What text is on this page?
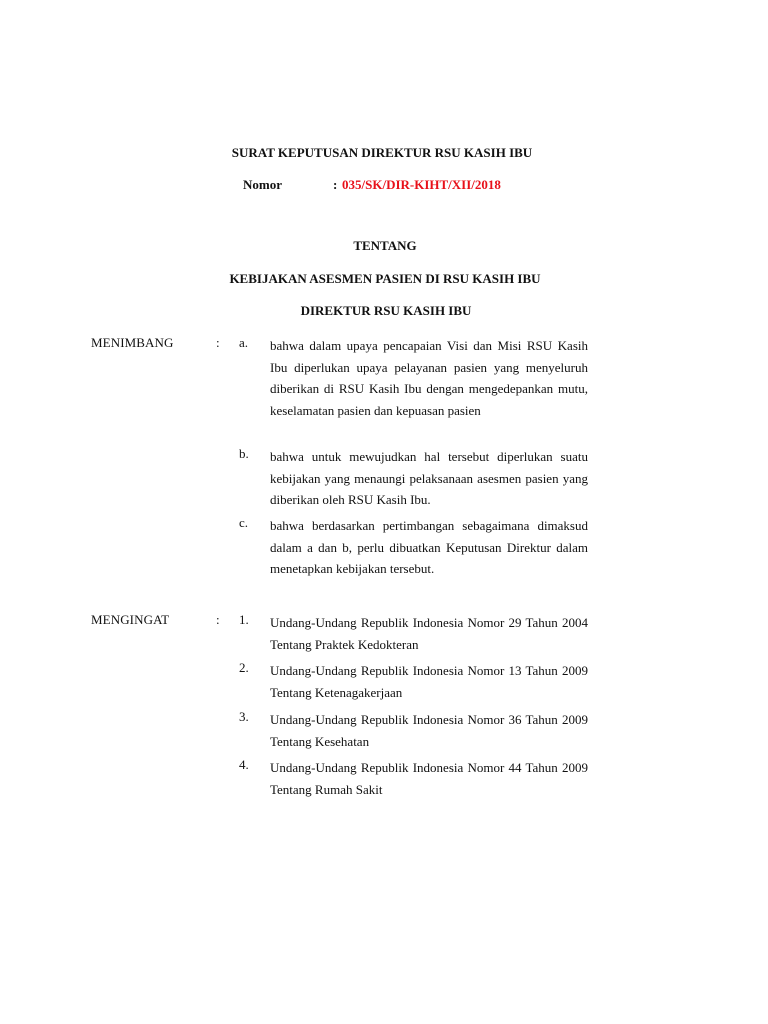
SURAT KEPUTUSAN DIREKTUR RSU KASIH IBU
Nomor	: 035/SK/DIR-KIHT/XII/2018
TENTANG
KEBIJAKAN ASESMEN PASIEN DI RSU KASIH IBU
DIREKTUR RSU KASIH IBU
MENIMBANG	: a. bahwa dalam upaya pencapaian Visi dan Misi RSU Kasih Ibu diperlukan upaya pelayanan pasien yang menyeluruh diberikan di RSU Kasih Ibu dengan mengedepankan mutu, keselamatan pasien dan kepuasan pasien
b. bahwa untuk mewujudkan hal tersebut diperlukan suatu kebijakan yang menaungi pelaksanaan asesmen pasien yang diberikan oleh RSU Kasih Ibu.
c. bahwa berdasarkan pertimbangan sebagaimana dimaksud dalam a dan b, perlu dibuatkan Keputusan Direktur dalam menetapkan kebijakan tersebut.
MENGINGAT	: 1. Undang-Undang Republik Indonesia Nomor 29 Tahun 2004 Tentang Praktek Kedokteran
2. Undang-Undang Republik Indonesia Nomor 13 Tahun 2009 Tentang Ketenagakerjaan
3. Undang-Undang Republik Indonesia Nomor 36 Tahun 2009 Tentang Kesehatan
4. Undang-Undang Republik Indonesia Nomor 44 Tahun 2009 Tentang Rumah Sakit
